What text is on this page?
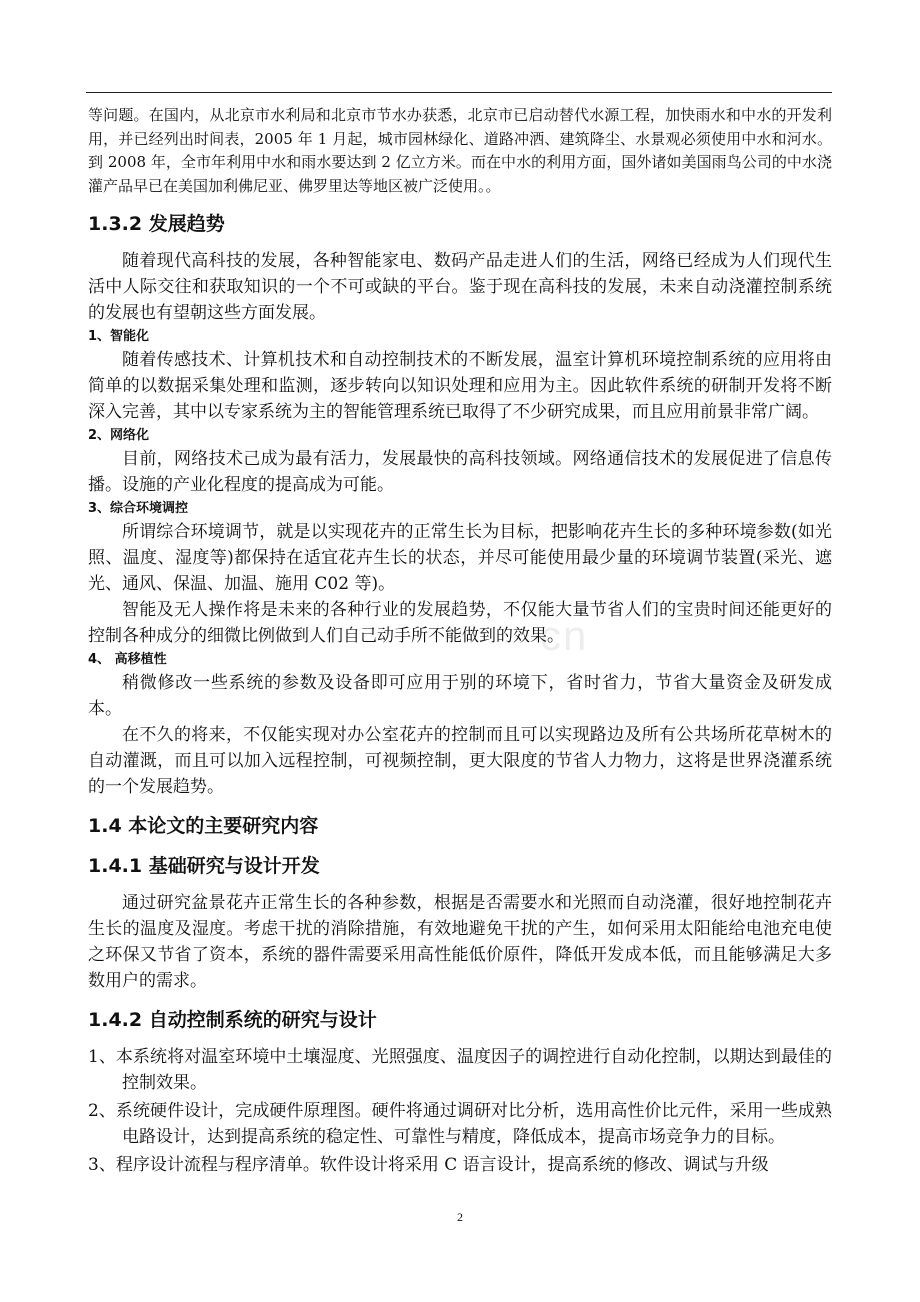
cn

等问题。在国内，从北京市水利局和北京市节水办获悉，北京市已启动替代水源工程，加快雨水和中水的开发利用，并已经列出时间表，2005 年 1 月起，城市园林绿化、道路冲洒、建筑降尘、水景观必须使用中水和河水。到 2008 年，全市年利用中水和雨水要达到 2 亿立方米。而在中水的利用方面，国外诸如美国雨鸟公司的中水浇灌产品早已在美国加利佛尼亚、佛罗里达等地区被广泛使用。。

1.3.2 发展趋势

随着现代高科技的发展，各种智能家电、数码产品走进人们的生活，网络已经成为人们现代生活中人际交往和获取知识的一个不可或缺的平台。鉴于现在高科技的发展，未来自动浇灌控制系统的发展也有望朝这些方面发展。

1、智能化

随着传感技术、计算机技术和自动控制技术的不断发展，温室计算机环境控制系统的应用将由简单的以数据采集处理和监测，逐步转向以知识处理和应用为主。因此软件系统的研制开发将不断深入完善，其中以专家系统为主的智能管理系统已取得了不少研究成果，而且应用前景非常广阔。

2、网络化

目前，网络技术己成为最有活力，发展最快的高科技领域。网络通信技术的发展促进了信息传播。设施的产业化程度的提高成为可能。

3、综合环境调控

所谓综合环境调节，就是以实现花卉的正常生长为目标，把影响花卉生长的多种环境参数(如光照、温度、湿度等)都保持在适宜花卉生长的状态，并尽可能使用最少量的环境调节装置(采光、遮光、通风、保温、加温、施用 C02 等)。

智能及无人操作将是未来的各种行业的发展趋势，不仅能大量节省人们的宝贵时间还能更好的控制各种成分的细微比例做到人们自己动手所不能做到的效果。

4、 高移植性

稍微修改一些系统的参数及设备即可应用于别的环境下，省时省力，节省大量资金及研发成本。

在不久的将来，不仅能实现对办公室花卉的控制而且可以实现路边及所有公共场所花草树木的自动灌溉，而且可以加入远程控制，可视频控制，更大限度的节省人力物力，这将是世界浇灌系统的一个发展趋势。

1.4 本论文的主要研究内容
1.4.1 基础研究与设计开发

通过研究盆景花卉正常生长的各种参数，根据是否需要水和光照而自动浇灌，很好地控制花卉生长的温度及湿度。考虑干扰的消除措施，有效地避免干扰的产生，如何采用太阳能给电池充电使之环保又节省了资本，系统的器件需要采用高性能低价原件，降低开发成本低，而且能够满足大多数用户的需求。

1.4.2 自动控制系统的研究与设计

1、本系统将对温室环境中土壤湿度、光照强度、温度因子的调控进行自动化控制，以期达到最佳的控制效果。

2、系统硬件设计，完成硬件原理图。硬件将通过调研对比分析，选用高性价比元件，采用一些成熟电路设计，达到提高系统的稳定性、可靠性与精度，降低成本，提高市场竞争力的目标。

3、程序设计流程与程序清单。软件设计将采用 C 语言设计，提高系统的修改、调试与升级

2
